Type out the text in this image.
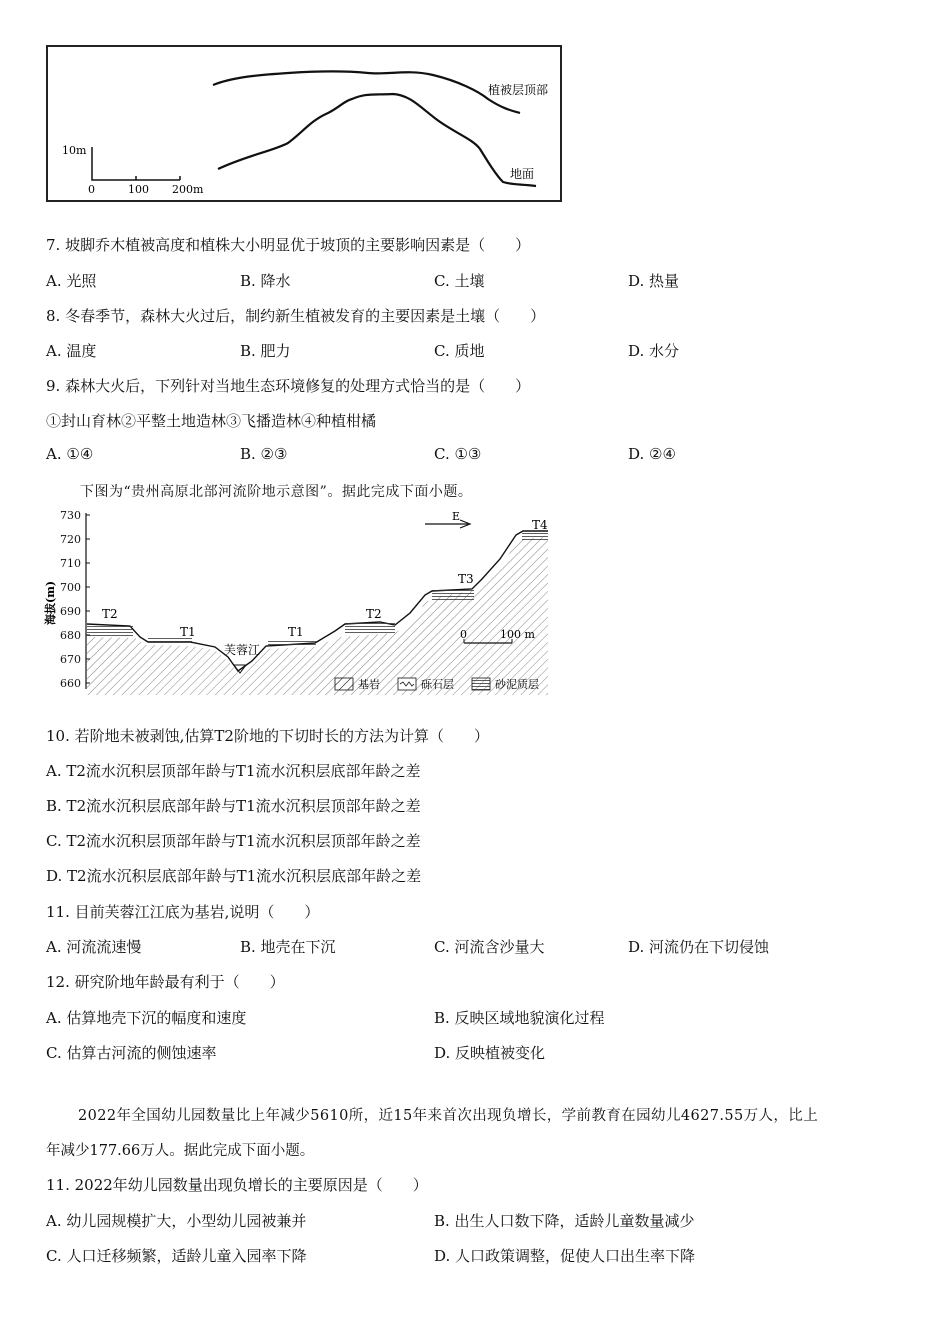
植被层顶部
地面
10m
0	100 200m
7. 坡脚乔木植被高度和植株大小明显优于坡顶的主要影响因素是（　　）
A. 光照	B. 降水	C. 土壤	D. 热量
8. 冬春季节，森林大火过后，制约新生植被发育的主要因素是土壤（　　）
A. 温度	B. 肥力	C. 质地	D. 水分
9. 森林大火后，下列针对当地生态环境修复的处理方式恰当的是（　　）
①封山育林②平整土地造林③飞播造林④种植柑橘
A. ①④	B. ②③	C. ①③	D. ②④
下图为“贵州高原北部河流阶地示意图”。据此完成下面小题。
730
720
710
700
690
680
670
660
海拔(m)	T2
T1
芙蓉江
T1
T2
T3
T4
E
0	100 m
基岩	砾石层	砂泥质层
10. 若阶地未被剥蚀,估算T2阶地的下切时长的方法为计算（　　）
A. T2流水沉积层顶部年龄与T1流水沉积层底部年龄之差
B. T2流水沉积层底部年龄与T1流水沉积层顶部年龄之差
C. T2流水沉积层顶部年龄与T1流水沉积层顶部年龄之差
D. T2流水沉积层底部年龄与T1流水沉积层底部年龄之差
11. 目前芙蓉江江底为基岩,说明（　　）
A. 河流流速慢	B. 地壳在下沉	C. 河流含沙量大	D. 河流仍在下切侵蚀
12. 研究阶地年龄最有利于（　　）
A. 估算地壳下沉的幅度和速度	B. 反映区域地貌演化过程
C. 估算古河流的侧蚀速率	D. 反映植被变化
2022年全国幼儿园数量比上年减少5610所，近15年来首次出现负增长，学前教育在园幼儿4627.55万人，比上
年减少177.66万人。据此完成下面小题。
11. 2022年幼儿园数量出现负增长的主要原因是（　　）
A. 幼儿园规模扩大，小型幼儿园被兼并	B. 出生人口数下降，适龄儿童数量减少
C. 人口迁移频繁，适龄儿童入园率下降	D. 人口政策调整，促使人口出生率下降
